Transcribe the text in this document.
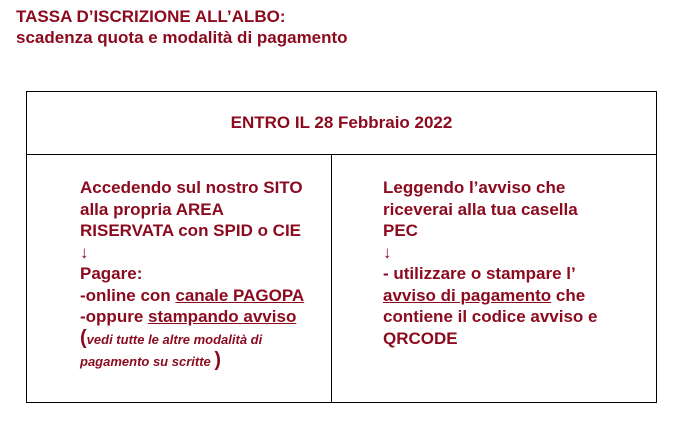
TASSA D’ISCRIZIONE ALL’ALBO:
scadenza quota e modalità di pagamento
ENTRO IL 28 Febbraio 2022
Accedendo sul nostro SITO
alla propria AREA
RISERVATA con SPID o CIE
↓
Pagare:
-online con canale PAGOPA
-oppure stampando avviso
(vedi tutte le altre modalità di
pagamento su scritte )
Leggendo l’avviso che
riceverai alla tua casella
PEC
↓
- utilizzare o stampare l’
avviso di pagamento che
contiene il codice avviso e
QRCODE
